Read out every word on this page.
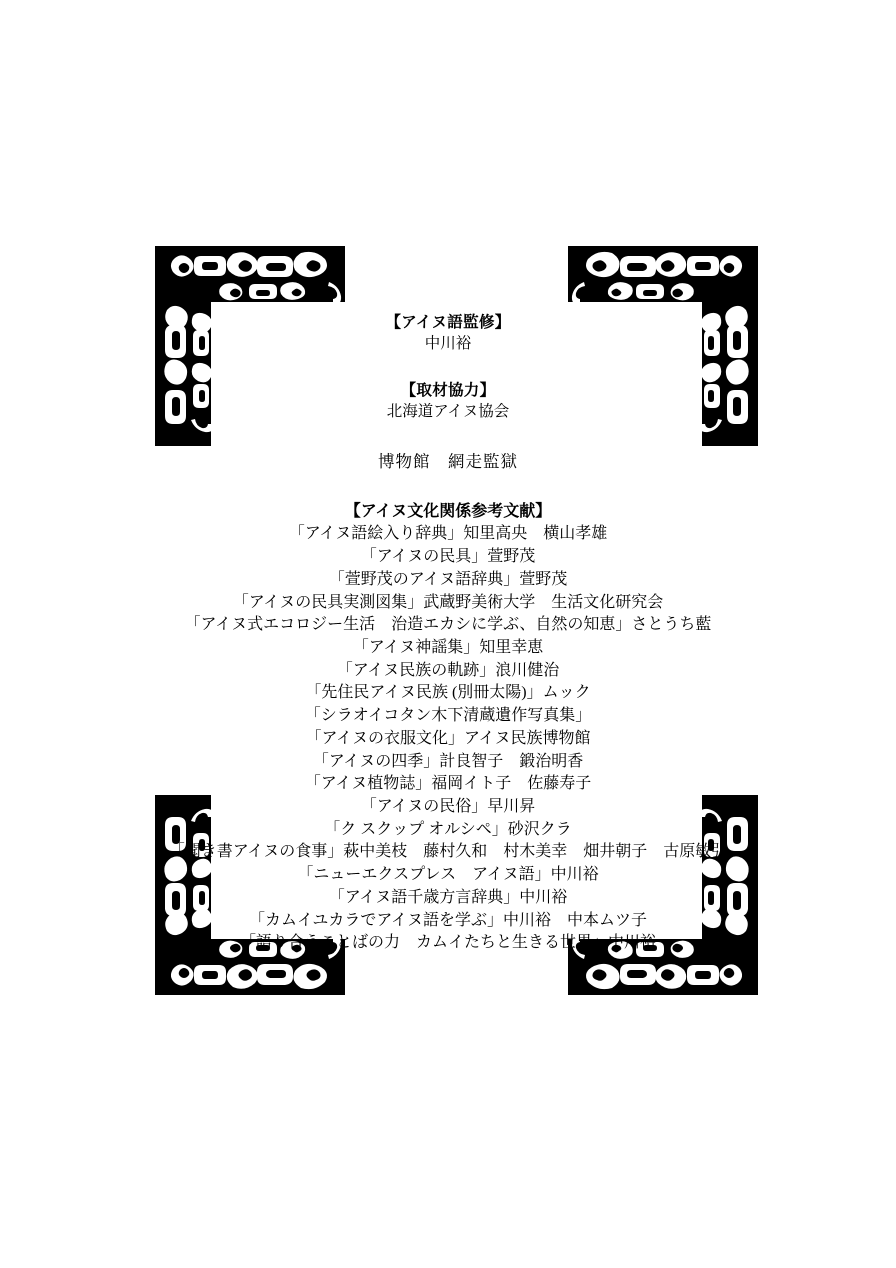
【アイヌ語監修】
中川裕
【取材協力】
北海道アイヌ協会
博物館　網走監獄
【アイヌ文化関係参考文献】
「アイヌ語絵入り辞典」知里高央　横山孝雄
「アイヌの民具」萱野茂
「萱野茂のアイヌ語辞典」萱野茂
「アイヌの民具実測図集」武蔵野美術大学　生活文化研究会
「アイヌ式エコロジー生活　治造エカシに学ぶ、自然の知恵」さとうち藍
「アイヌ神謡集」知里幸恵
「アイヌ民族の軌跡」浪川健治
「先住民アイヌ民族 (別冊太陽)」ムック
「シラオイコタン木下清蔵遺作写真集」
「アイヌの衣服文化」アイヌ民族博物館
「アイヌの四季」計良智子　鍛治明香
「アイヌ植物誌」福岡イト子　佐藤寿子
「アイヌの民俗」早川昇
「ク スクップ オルシペ」砂沢クラ
「聞き書アイヌの食事」萩中美枝　藤村久和　村木美幸　畑井朝子　古原敏弘
「ニューエクスプレス　アイヌ語」中川裕
「アイヌ語千歳方言辞典」中川裕
「カムイユカラでアイヌ語を学ぶ」中川裕　中本ムツ子
「語り合うことばの力　カムイたちと生きる世界」中川裕
